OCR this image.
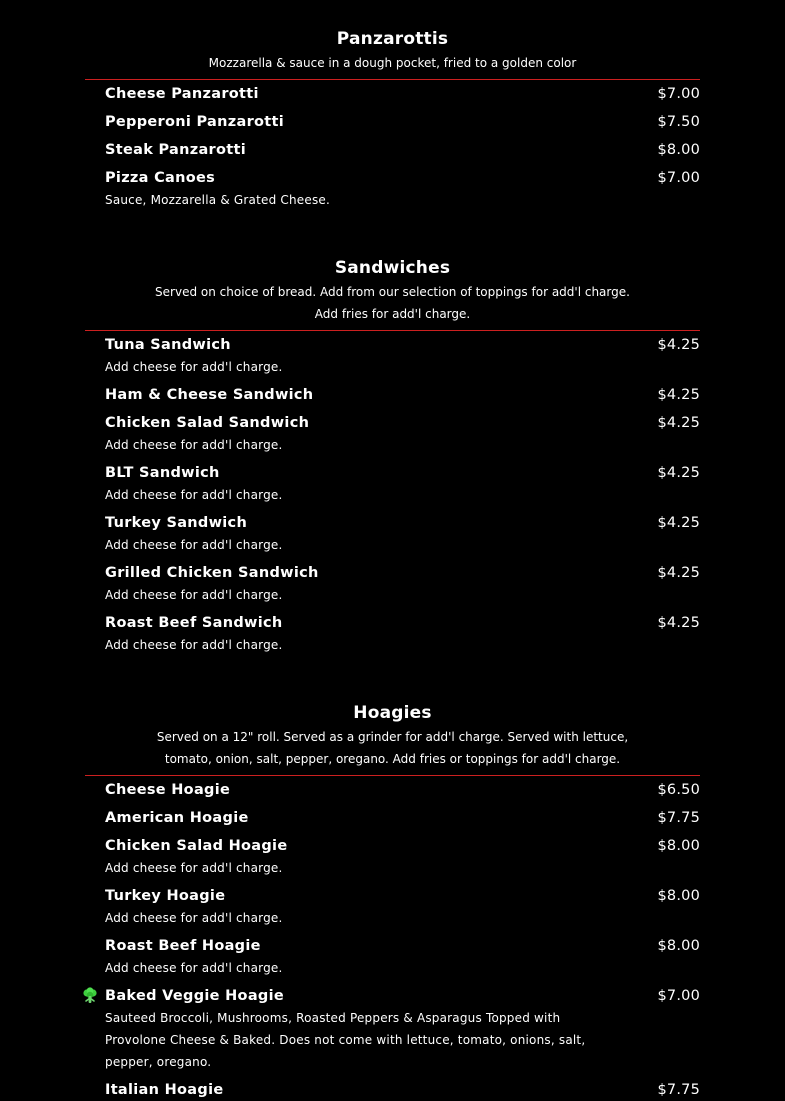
Panzarottis

Mozzarella & sauce in a dough pocket, fried to a golden color

Cheese Panzarotti	$7.00
Pepperoni Panzarotti	$7.50
Steak Panzarotti	$8.00
Pizza Canoes	$7.00
Sauce, Mozzarella & Grated Cheese.
Sandwiches

Served on choice of bread. Add from our selection of toppings for add'l charge.
Add fries for add'l charge.

Tuna Sandwich	$4.25
Add cheese for add'l charge.
Ham & Cheese Sandwich	$4.25
Chicken Salad Sandwich	$4.25
Add cheese for add'l charge.
BLT Sandwich	$4.25
Add cheese for add'l charge.
Turkey Sandwich	$4.25
Add cheese for add'l charge.
Grilled Chicken Sandwich	$4.25
Add cheese for add'l charge.
Roast Beef Sandwich	$4.25
Add cheese for add'l charge.
Hoagies

Served on a 12" roll. Served as a grinder for add'l charge. Served with lettuce,
tomato, onion, salt, pepper, oregano. Add fries or toppings for add'l charge.

Cheese Hoagie	$6.50
American Hoagie	$7.75
Chicken Salad Hoagie	$8.00
Add cheese for add'l charge.
Turkey Hoagie	$8.00
Add cheese for add'l charge.
Roast Beef Hoagie	$8.00
Add cheese for add'l charge.
Baked Veggie Hoagie	$7.00
Sauteed Broccoli, Mushrooms, Roasted Peppers & Asparagus Topped with Provolone Cheese & Baked. Does not come with lettuce, tomato, onions, salt, pepper, oregano.
Italian Hoagie	$7.75
